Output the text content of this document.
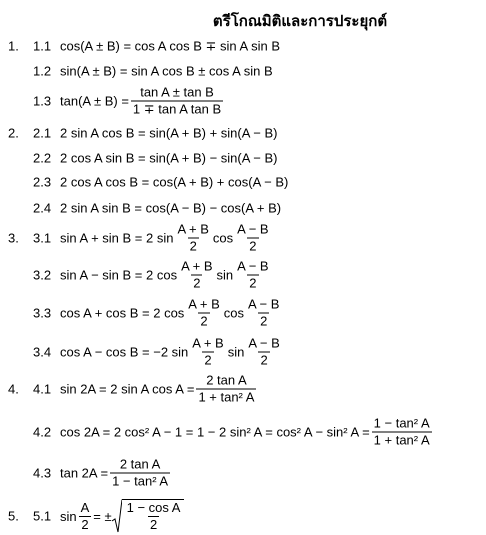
ตรีโกณมิติและการประยุกต์
1. 1.1 cos(A ± B) = cos A cos B ∓ sin A sin B
1.2 sin(A ± B) = sin A cos B ± cos A sin B
1.3 $\tan(A \pm B) = \frac{\text{tan A ± tan B}}{\text{1 ∓ tan A tan B}}$
2. 2.1 2 sin A cos B = sin(A + B) + sin(A − B)
2.2 2 cos A sin B = sin(A + B) − sin(A − B)
2.3 2 cos A cos B = cos(A + B) + cos(A − B)
2.4 2 sin A sin B = cos(A − B) − cos(A + B)
3. 3.1 sin A + sin B = 2 $\sin \frac{A + B}{2}$ $\cos \frac{A - B}{2}$
3.2 sin A − sin B = 2 $\cos \frac{A + B}{2}$ $\sin \frac{A - B}{2}$
3.3 cos A + cos B = 2 $\cos \frac{A + B}{2}$ $\cos \frac{A - B}{2}$
3.4 cos A − cos B = −2 $\sin \frac{A + B}{2}$ $\sin \frac{A - B}{2}$
4. 4.1 sin 2A = 2 sin A $\cos A = \frac{\text{2 tan A}}{\text{1 + tan² A}}$
4.2 cos 2A = 2 cos² A − 1 = 1 − 2 sin² A = cos² A − sin² $A = \frac{\text{1 − tan² A}}{\text{1 + tan² A}}$
4.3 $\tan 2A = \frac{\text{2 tan A}}{\text{1 − tan² A}}$
5. 5.1 $\sin \frac{A}{2}$ = ± $\frac{\text{1 − cos A}}{2}$
